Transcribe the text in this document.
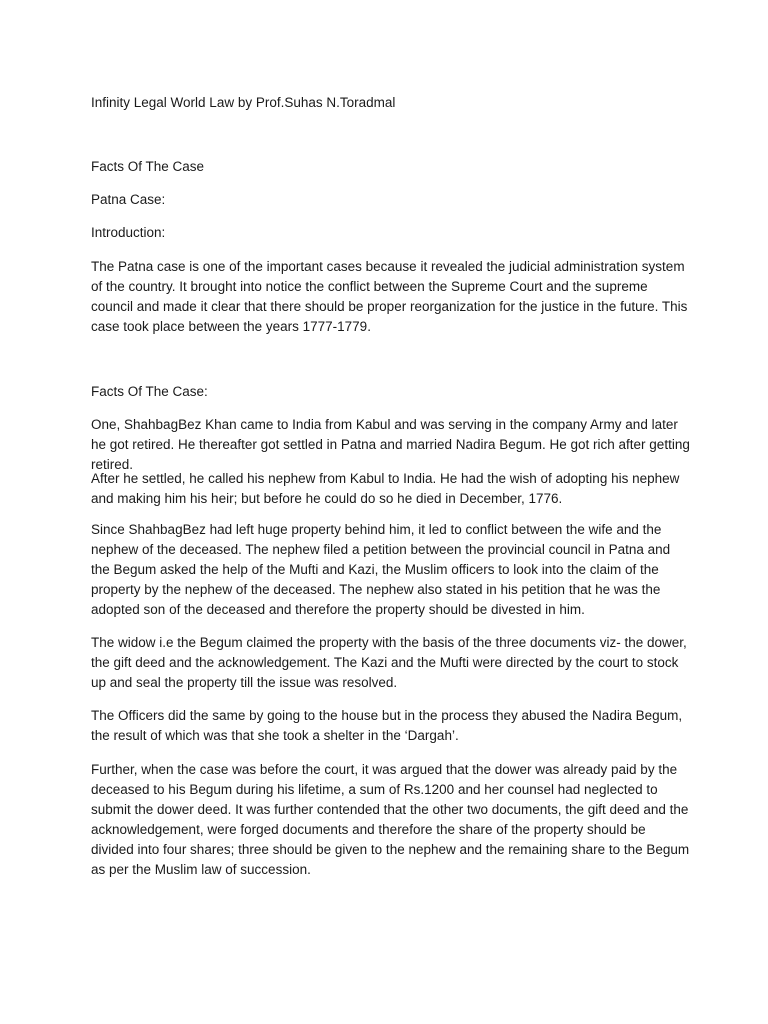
Infinity Legal World Law by Prof.Suhas N.Toradmal

Facts Of The Case

Patna Case:

Introduction:

The Patna case is one of the important cases because it revealed the judicial administration system of the country. It brought into notice the conflict between the Supreme Court and the supreme council and made it clear that there should be proper reorganization for the justice in the future. This case took place between the years 1777-1779.

Facts Of The Case:

One, ShahbagBez Khan came to India from Kabul and was serving in the company Army and later he got retired. He thereafter got settled in Patna and married Nadira Begum. He got rich after getting retired.

After he settled, he called his nephew from Kabul to India. He had the wish of adopting his nephew and making him his heir; but before he could do so he died in December, 1776.

Since ShahbagBez had left huge property behind him, it led to conflict between the wife and the nephew of the deceased. The nephew filed a petition between the provincial council in Patna and the Begum asked the help of the Mufti and Kazi, the Muslim officers to look into the claim of the property by the nephew of the deceased. The nephew also stated in his petition that he was the adopted son of the deceased and therefore the property should be divested in him.

The widow i.e the Begum claimed the property with the basis of the three documents viz- the dower, the gift deed and the acknowledgement. The Kazi and the Mufti were directed by the court to stock up and seal the property till the issue was resolved.

The Officers did the same by going to the house but in the process they abused the Nadira Begum, the result of which was that she took a shelter in the ‘Dargah’.

Further, when the case was before the court, it was argued that the dower was already paid by the deceased to his Begum during his lifetime, a sum of Rs.1200 and her counsel had neglected to submit the dower deed. It was further contended that the other two documents, the gift deed and the acknowledgement, were forged documents and therefore the share of the property should be divided into four shares; three should be given to the nephew and the remaining share to the Begum as per the Muslim law of succession.
